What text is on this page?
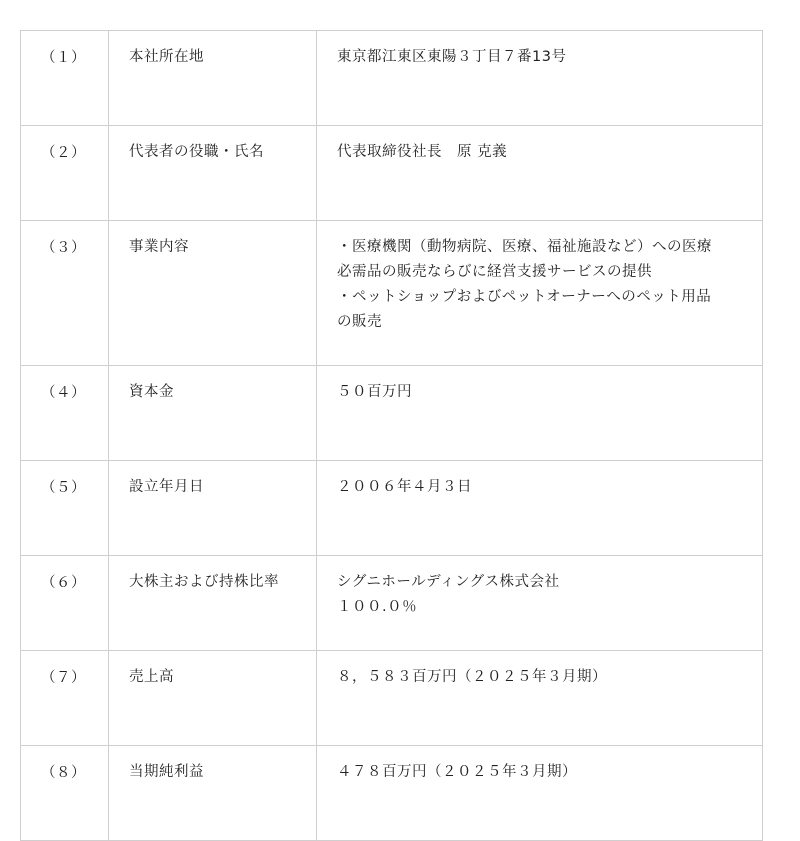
（１）	本社所在地	東京都江東区東陽３丁目７番13号

（２）	代表者の役職・氏名	代表取締役社長　原 克義

（３）	事業内容	・医療機関（動物病院、医療、福祉施設など）への医療
必需品の販売ならびに経営支援サービスの提供
・ペットショップおよびペットオーナーへのペット用品
の販売

（４）	資本金	５０百万円

（５）	設立年月日	２００６年４月３日

（６）	大株主および持株比率	シグニホールディングス株式会社
１００.０％

（７）	売上高	８，５８３百万円（２０２５年３月期）

（８）	当期純利益	４７８百万円（２０２５年３月期）
